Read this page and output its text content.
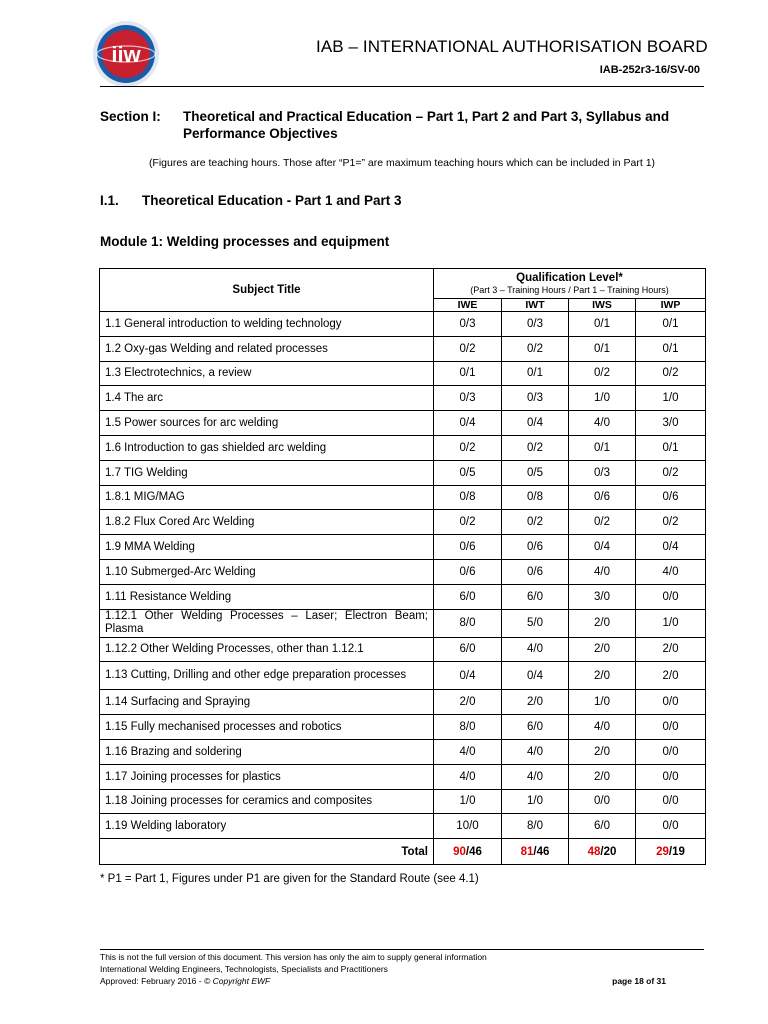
iiw	IAB – INTERNATIONAL AUTHORISATION BOARD
IAB-252r3-16/SV-00
Section I: Theoretical and Practical Education – Part 1, Part 2 and Part 3, Syllabus and Performance Objectives
(Figures are teaching hours. Those after “P1=” are maximum teaching hours which can be included in Part 1)
I.1. Theoretical Education - Part 1 and Part 3
Module 1: Welding processes and equipment
Subject Title	Qualification Level*
(Part 3 – Training Hours / Part 1 – Training Hours)			

	IWE	IWT	IWS	IWP
1.1 General introduction to welding technology	0/3	0/3	0/1	0/1
1.2 Oxy-gas Welding and related processes	0/2	0/2	0/1	0/1
1.3 Electrotechnics, a review	0/1	0/1	0/2	0/2
1.4 The arc	0/3	0/3	1/0	1/0
1.5 Power sources for arc welding	0/4	0/4	4/0	3/0
1.6 Introduction to gas shielded arc welding	0/2	0/2	0/1	0/1
1.7 TIG Welding	0/5	0/5	0/3	0/2
1.8.1 MIG/MAG	0/8	0/8	0/6	0/6
1.8.2 Flux Cored Arc Welding	0/2	0/2	0/2	0/2
1.9 MMA Welding	0/6	0/6	0/4	0/4
1.10 Submerged-Arc Welding	0/6	0/6	4/0	4/0
1.11 Resistance Welding	6/0	6/0	3/0	0/0
1.12.1 Other Welding Processes – Laser; Electron Beam; Plasma	8/0	5/0	2/0	1/0
1.12.2 Other Welding Processes, other than 1.12.1	6/0	4/0	2/0	2/0
1.13 Cutting, Drilling and other edge preparation processes	0/4	0/4	2/0	2/0
1.14 Surfacing and Spraying	2/0	2/0	1/0	0/0
1.15 Fully mechanised processes and robotics	8/0	6/0	4/0	0/0
1.16 Brazing and soldering	4/0	4/0	2/0	0/0
1.17 Joining processes for plastics	4/0	4/0	2/0	0/0
1.18 Joining processes for ceramics and composites	1/0	1/0	0/0	0/0
1.19 Welding laboratory	10/0	8/0	6/0	0/0
Total	90/46	81/46	48/20	29/19
* P1 = Part 1, Figures under P1 are given for the Standard Route (see 4.1)
This is not the full version of this document. This version has only the aim to supply general information
International Welding Engineers, Technologists, Specialists and Practitioners
Approved: February 2016 - © Copyright EWF	page 18 of 31
